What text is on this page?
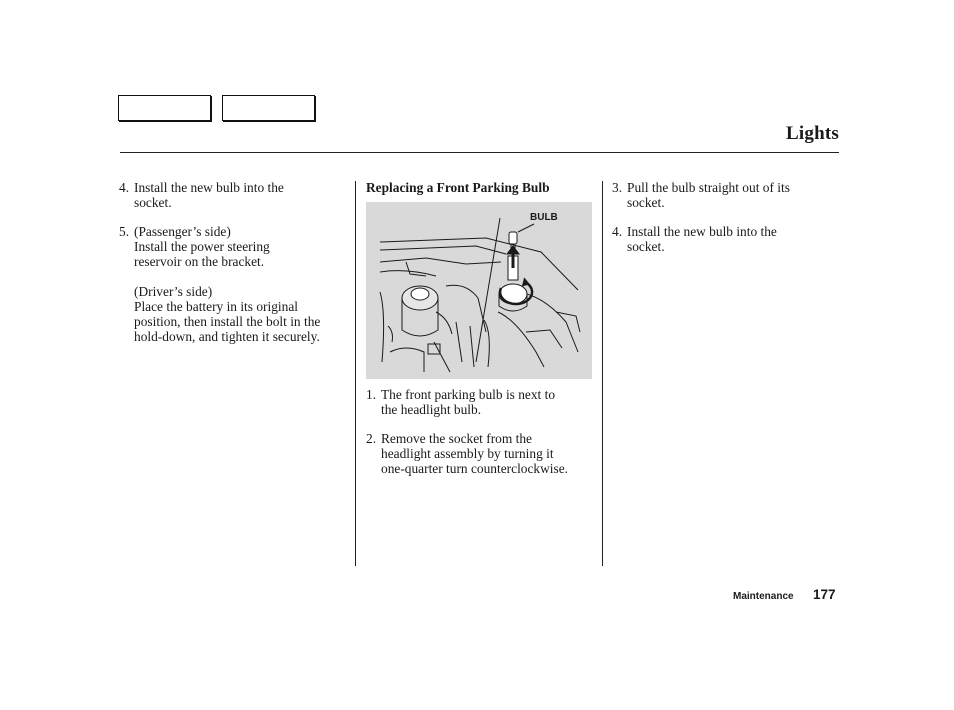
Lights
4. Install the new bulb into the

socket.

5. (Passenger’s side)

Install the power steering

reservoir on the bracket.

(Driver’s side)

Place the battery in its original

position, then install the bolt in the

hold-down, and tighten it securely.

Replacing a Front Parking Bulb

BULB
1. The front parking bulb is next to

the headlight bulb.

2. Remove the socket from the

headlight assembly by turning it

one-quarter turn counterclockwise.

3. Pull the bulb straight out of its

socket.

4. Install the new bulb into the

socket.

Maintenance 177
